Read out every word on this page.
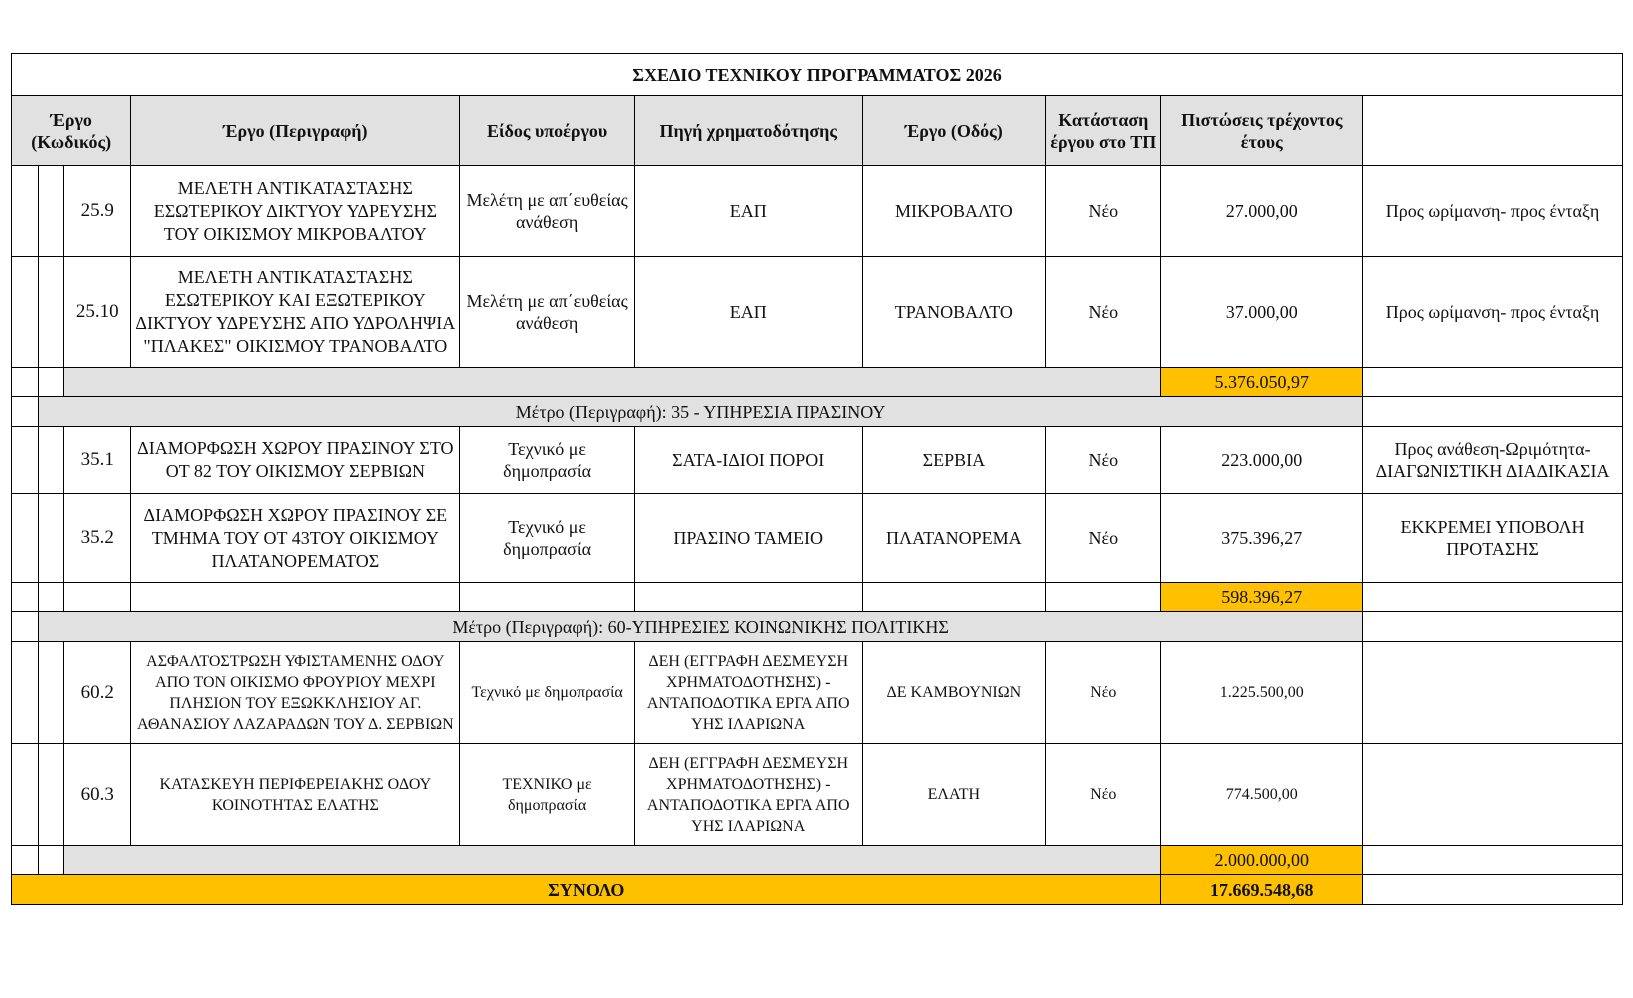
ΣΧΕΔΙΟ ΤΕΧΝΙΚΟΥ ΠΡΟΓΡΑΜΜΑΤΟΣ 2026									
Έργο (Κωδικός)			Έργο (Περιγραφή)	Είδος υποέργου	Πηγή χρηματοδότησης	Έργο (Οδός)	Κατάσταση έργου στο ΤΠ	Πιστώσεις τρέχοντος έτους	
		25.9	ΜΕΛΕΤΗ ΑΝΤΙΚΑΤΑΣΤΑΣΗΣ ΕΣΩΤΕΡΙΚΟΥ ΔΙΚΤΥΟΥ ΥΔΡΕΥΣΗΣ ΤΟΥ ΟΙΚΙΣΜΟΥ ΜΙΚΡΟΒΑΛΤΟΥ	Μελέτη με απ΄ευθείας ανάθεση	ΕΑΠ	ΜΙΚΡΟΒΑΛΤΟ	Νέο	27.000,00	Προς ωρίμανση- προς ένταξη
		25.10	ΜΕΛΕΤΗ ΑΝΤΙΚΑΤΑΣΤΑΣΗΣ ΕΣΩΤΕΡΙΚΟΥ ΚΑΙ ΕΞΩΤΕΡΙΚΟΥ ΔΙΚΤΥΟΥ ΥΔΡΕΥΣΗΣ ΑΠΟ ΥΔΡΟΛΗΨΙΑ "ΠΛΑΚΕΣ" ΟΙΚΙΣΜΟΥ ΤΡΑΝΟΒΑΛΤΟ	Μελέτη με απ΄ευθείας ανάθεση	ΕΑΠ	ΤΡΑΝΟΒΑΛΤΟ	Νέο	37.000,00	Προς ωρίμανση- προς ένταξη
								5.376.050,97	
	Μέτρο (Περιγραφή): 35 - ΥΠΗΡΕΣΙΑ ΠΡΑΣΙΝΟΥ								
		35.1	ΔΙΑΜΟΡΦΩΣΗ ΧΩΡΟΥ ΠΡΑΣΙΝΟΥ ΣΤΟ ΟΤ 82 ΤΟΥ ΟΙΚΙΣΜΟΥ ΣΕΡΒΙΩΝ	Τεχνικό με δημοπρασία	ΣΑΤΑ-ΙΔΙΟΙ ΠΟΡΟΙ	ΣΕΡΒΙΑ	Νέο	223.000,00	Προς ανάθεση-Ωριμότητα- ΔΙΑΓΩΝΙΣΤΙΚΗ ΔΙΑΔΙΚΑΣΙΑ
		35.2	ΔΙΑΜΟΡΦΩΣΗ ΧΩΡΟΥ ΠΡΑΣΙΝΟΥ ΣΕ ΤΜΗΜΑ ΤΟΥ ΟΤ 43ΤΟΥ ΟΙΚΙΣΜΟΥ ΠΛΑΤΑΝΟΡΕΜΑΤΟΣ	Τεχνικό με δημοπρασία	ΠΡΑΣΙΝΟ ΤΑΜΕΙΟ	ΠΛΑΤΑΝΟΡΕΜΑ	Νέο	375.396,27	ΕΚΚΡΕΜΕΙ ΥΠΟΒΟΛΗ ΠΡΟΤΑΣΗΣ
								598.396,27	
	Μέτρο (Περιγραφή): 60-ΥΠΗΡΕΣΙΕΣ ΚΟΙΝΩΝΙΚΗΣ ΠΟΛΙΤΙΚΗΣ								
		60.2	ΑΣΦΑΛΤΟΣΤΡΩΣΗ ΥΦΙΣΤΑΜΕΝΗΣ ΟΔΟΥ ΑΠΟ ΤΟΝ ΟΙΚΙΣΜΟ ΦΡΟΥΡΙΟΥ ΜΕΧΡΙ ΠΛΗΣΙΟΝ ΤΟΥ ΕΞΩΚΚΛΗΣΙΟΥ ΑΓ. ΑΘΑΝΑΣΙΟΥ ΛΑΖΑΡΑΔΩΝ ΤΟΥ Δ. ΣΕΡΒΙΩΝ	Τεχνικό με δημοπρασία	ΔΕΗ (ΕΓΓΡΑΦΗ ΔΕΣΜΕΥΣΗ ΧΡΗΜΑΤΟΔΟΤΗΣΗΣ) - ΑΝΤΑΠΟΔΟΤΙΚΑ ΕΡΓΑ ΑΠΟ ΥΗΣ ΙΛΑΡΙΩΝΑ	ΔΕ ΚΑΜΒΟΥΝΙΩΝ	Νέο	1.225.500,00	
		60.3	ΚΑΤΑΣΚΕΥΗ ΠΕΡΙΦΕΡΕΙΑΚΗΣ ΟΔΟΥ ΚΟΙΝΟΤΗΤΑΣ ΕΛΑΤΗΣ	ΤΕΧΝΙΚΟ με δημοπρασία	ΔΕΗ (ΕΓΓΡΑΦΗ ΔΕΣΜΕΥΣΗ ΧΡΗΜΑΤΟΔΟΤΗΣΗΣ) - ΑΝΤΑΠΟΔΟΤΙΚΑ ΕΡΓΑ ΑΠΟ ΥΗΣ ΙΛΑΡΙΩΝΑ	ΕΛΑΤΗ	Νέο	774.500,00	
								2.000.000,00	
ΣΥΝΟΛΟ								17.669.548,68	
